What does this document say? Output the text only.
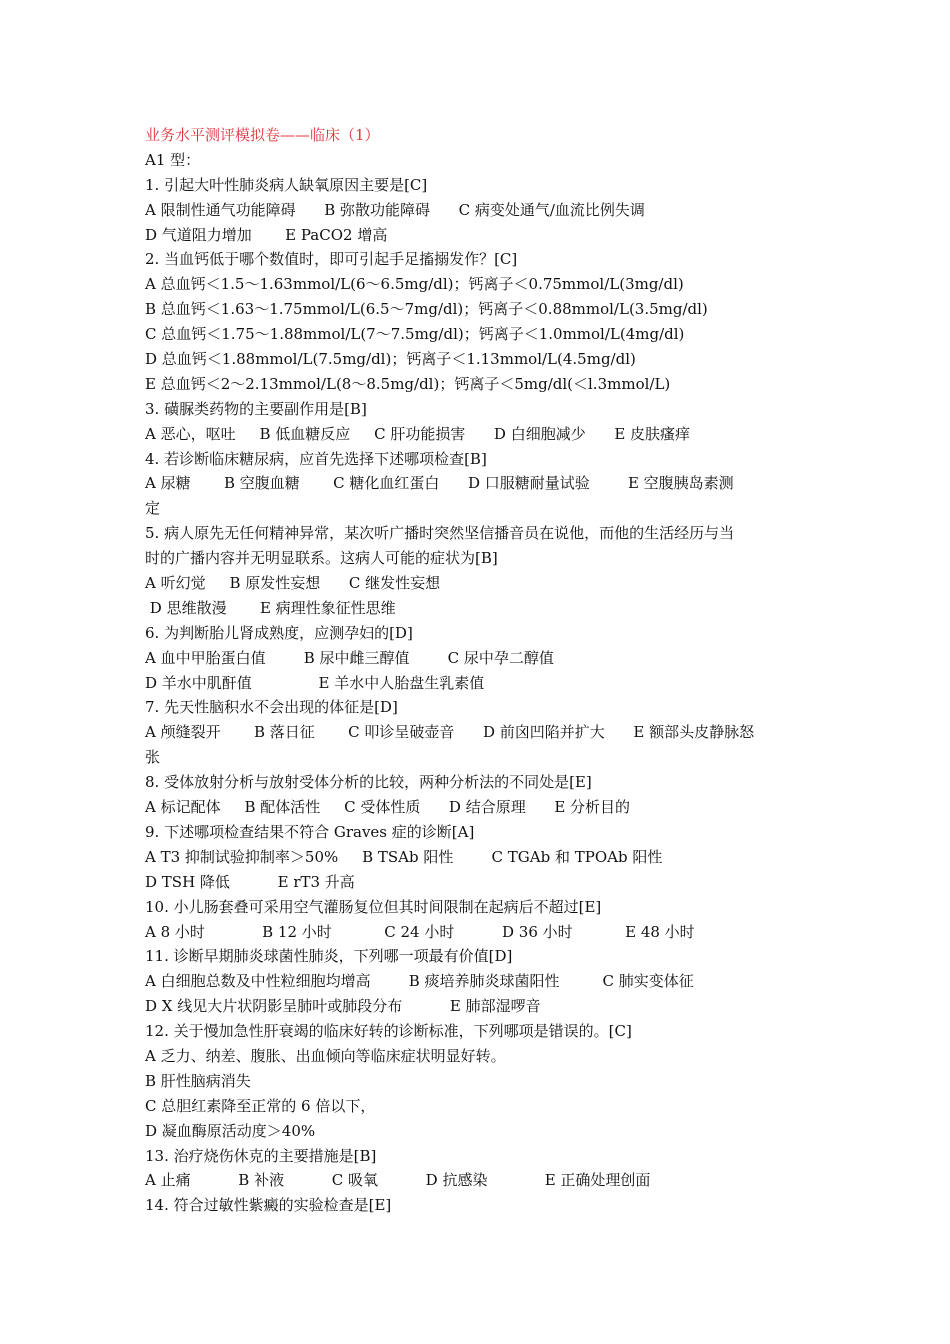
业务水平测评模拟卷——临床（1）

A1 型：

1. 引起大叶性肺炎病人缺氧原因主要是[C]

A 限制性通气功能障碍      B 弥散功能障碍      C 病变处通气/血流比例失调

D 气道阻力增加       E PaCO2 增高

2. 当血钙低于哪个数值时，即可引起手足搐搦发作？[C]

A 总血钙＜1.5～1.63mmol/L(6～6.5mg/dl)；钙离子＜0.75mmol/L(3mg/dl)

B 总血钙＜1.63～1.75mmol/L(6.5～7mg/dl)；钙离子＜0.88mmol/L(3.5mg/dl)

C 总血钙＜1.75～1.88mmol/L(7～7.5mg/dl)；钙离子＜1.0mmol/L(4mg/dl)

D 总血钙＜1.88mmol/L(7.5mg/dl)；钙离子＜1.13mmol/L(4.5mg/dl)

E 总血钙＜2～2.13mmol/L(8～8.5mg/dl)；钙离子＜5mg/dl(＜l.3mmol/L)

3. 磺脲类药物的主要副作用是[B]

A 恶心，呕吐     B 低血糖反应     C 肝功能损害      D 白细胞减少      E 皮肤瘙痒

4. 若诊断临床糖尿病，应首先选择下述哪项检查[B]

A 尿糖       B 空腹血糖       C 糖化血红蛋白      D 口服糖耐量试验        E 空腹胰岛素测

定

5. 病人原先无任何精神异常，某次听广播时突然坚信播音员在说他，而他的生活经历与当

时的广播内容并无明显联系。这病人可能的症状为[B]

A 听幻觉     B 原发性妄想      C 继发性妄想

D 思维散漫       E 病理性象征性思维

6. 为判断胎儿肾成熟度，应测孕妇的[D]

A 血中甲胎蛋白值        B 尿中雌三醇值        C 尿中孕二醇值

D 羊水中肌酐值              E 羊水中人胎盘生乳素值

7. 先天性脑积水不会出现的体征是[D]

A 颅缝裂开       B 落日征       C 叩诊呈破壶音      D 前囟凹陷并扩大      E 额部头皮静脉怒

张

8. 受体放射分析与放射受体分析的比较，两种分析法的不同处是[E]

A 标记配体     B 配体活性     C 受体性质      D 结合原理      E 分析目的

9. 下述哪项检查结果不符合 Graves 症的诊断[A]

A T3 抑制试验抑制率＞50%     B TSAb 阳性        C TGAb 和 TPOAb 阳性

D TSH 降低          E rT3 升高

10. 小儿肠套叠可采用空气灌肠复位但其时间限制在起病后不超过[E]

A 8 小时            B 12 小时           C 24 小时          D 36 小时           E 48 小时

11. 诊断早期肺炎球菌性肺炎，下列哪一项最有价值[D]

A 白细胞总数及中性粒细胞均增高        B 痰培养肺炎球菌阳性         C 肺实变体征

D X 线见大片状阴影呈肺叶或肺段分布          E 肺部湿啰音

12. 关于慢加急性肝衰竭的临床好转的诊断标准，下列哪项是错误的。[C]

A 乏力、纳差、腹胀、出血倾向等临床症状明显好转。

B 肝性脑病消失

C 总胆红素降至正常的 6 倍以下，

D 凝血酶原活动度＞40%

13. 治疗烧伤休克的主要措施是[B]

A 止痛          B 补液          C 吸氧          D 抗感染            E 正确处理创面

14. 符合过敏性紫癜的实验检查是[E]
